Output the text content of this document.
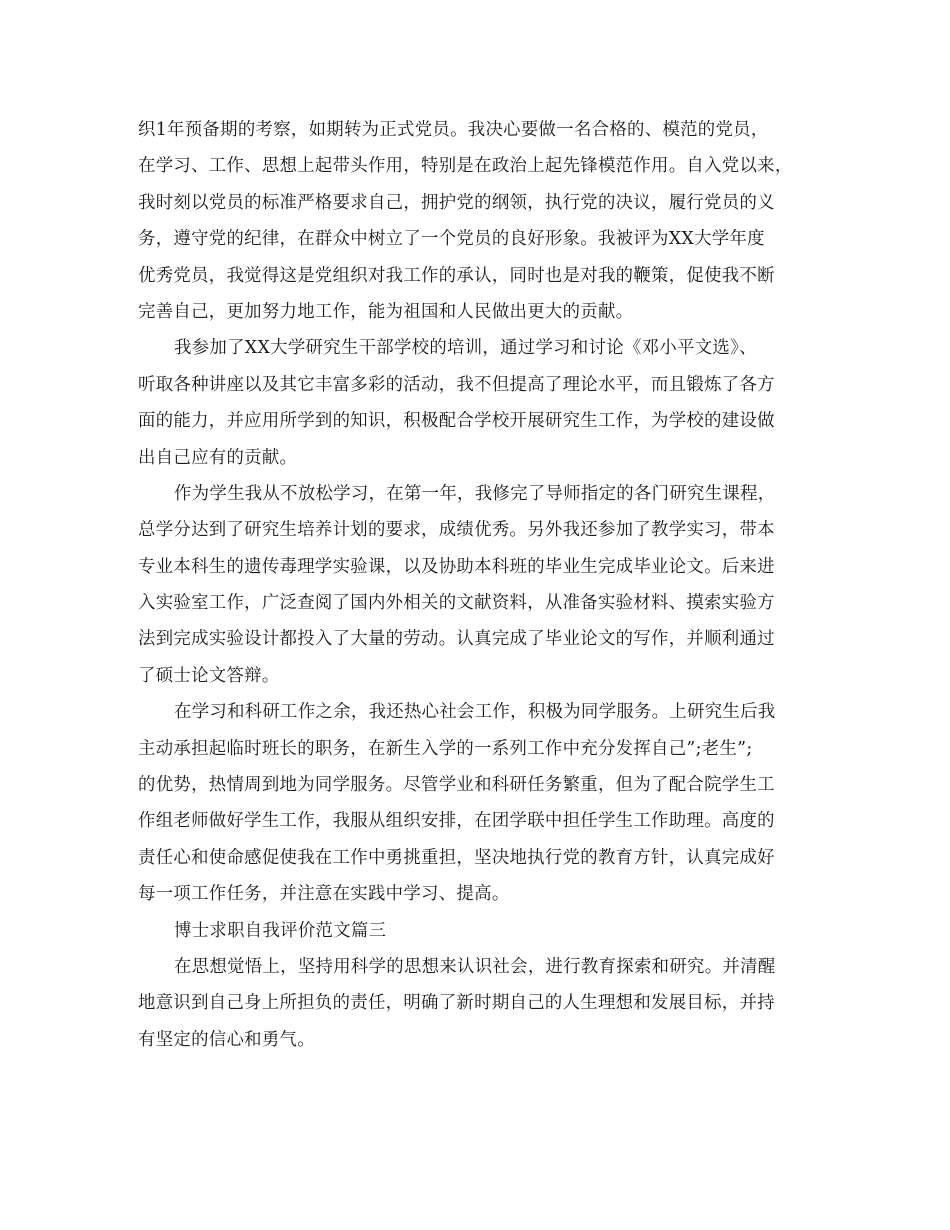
织1年预备期的考察，如期转为正式党员。我决心要做一名合格的、模范的党员，
在学习、工作、思想上起带头作用，特别是在政治上起先锋模范作用。自入党以来，
我时刻以党员的标准严格要求自己，拥护党的纲领，执行党的决议，履行党员的义
务，遵守党的纪律，在群众中树立了一个党员的良好形象。我被评为XX大学年度
优秀党员，我觉得这是党组织对我工作的承认，同时也是对我的鞭策，促使我不断
完善自己，更加努力地工作，能为祖国和人民做出更大的贡献。
我参加了XX大学研究生干部学校的培训，通过学习和讨论《邓小平文选》、
听取各种讲座以及其它丰富多彩的活动，我不但提高了理论水平，而且锻炼了各方
面的能力，并应用所学到的知识，积极配合学校开展研究生工作，为学校的建设做
出自己应有的贡献。
作为学生我从不放松学习，在第一年，我修完了导师指定的各门研究生课程，
总学分达到了研究生培养计划的要求，成绩优秀。另外我还参加了教学实习，带本
专业本科生的遗传毒理学实验课，以及协助本科班的毕业生完成毕业论文。后来进
入实验室工作，广泛查阅了国内外相关的文献资料，从准备实验材料、摸索实验方
法到完成实验设计都投入了大量的劳动。认真完成了毕业论文的写作，并顺利通过
了硕士论文答辩。
在学习和科研工作之余，我还热心社会工作，积极为同学服务。上研究生后我
主动承担起临时班长的职务，在新生入学的一系列工作中充分发挥自己”;老生”;
的优势，热情周到地为同学服务。尽管学业和科研任务繁重，但为了配合院学生工
作组老师做好学生工作，我服从组织安排，在团学联中担任学生工作助理。高度的
责任心和使命感促使我在工作中勇挑重担，坚决地执行党的教育方针，认真完成好
每一项工作任务，并注意在实践中学习、提高。
博士求职自我评价范文篇三
在思想觉悟上，坚持用科学的思想来认识社会，进行教育探索和研究。并清醒
地意识到自己身上所担负的责任，明确了新时期自己的人生理想和发展目标，并持
有坚定的信心和勇气。
